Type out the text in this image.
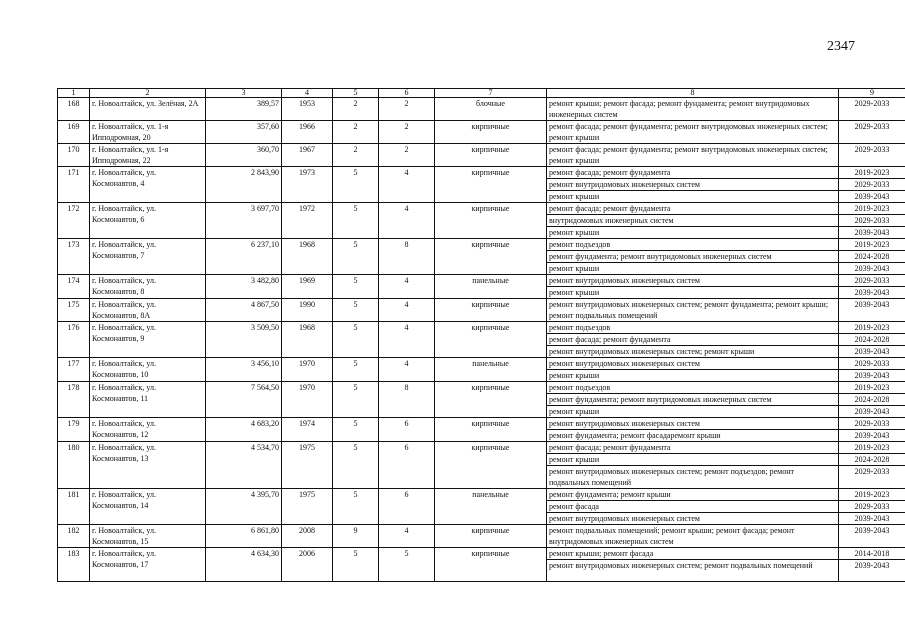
2347
1	2	3	4	5	6	7	8	9
168	г. Новоалтайск, ул. Зелёная, 2А	389,57	1953	2	2	блочные	ремонт крыши; ремонт фасада; ремонт фундамента; ремонт внутридомовых инженерных систем	2029-2033
169	г. Новоалтайск, ул. 1-я Ипподромная, 20	357,60	1966	2	2	кирпичные	ремонт фасада; ремонт фундамента; ремонт внутридомовых инженерных систем; ремонт крыши	2029-2033
170	г. Новоалтайск, ул. 1-я Ипподромная, 22	360,70	1967	2	2	кирпичные	ремонт фасада; ремонт фундамента; ремонт внутридомовых инженерных систем; ремонт крыши	2029-2033
171	г. Новоалтайск, ул. Космонавтов, 4	2 843,90	1973	5	4	кирпичные	ремонт фасада; ремонт фундамента	2019-2023
							ремонт внутридомовых инженерных систем	2029-2033
							ремонт крыши	2039-2043
172	г. Новоалтайск, ул. Космонавтов, 6	3 697,70	1972	5	4	кирпичные	ремонт фасада; ремонт фундамента	2019-2023
							внутридомовых инженерных систем	2029-2033
							ремонт крыши	2039-2043
173	г. Новоалтайск, ул. Космонавтов, 7	6 237,10	1968	5	8	кирпичные	ремонт подъездов	2019-2023
							ремонт фундамента; ремонт внутридомовых инженерных систем	2024-2028
							ремонт крыши	2039-2043
174	г. Новоалтайск, ул. Космонавтов, 8	3 482,80	1969	5	4	панельные	ремонт внутридомовых инженерных систем	2029-2033
							ремонт крыши	2039-2043
175	г. Новоалтайск, ул. Космонавтов, 8А	4 867,50	1990	5	4	кирпичные	ремонт внутридомовых инженерных систем; ремонт фундамента; ремонт крыши; ремонт подвальных помещений	2039-2043
176	г. Новоалтайск, ул. Космонавтов, 9	3 509,50	1968	5	4	кирпичные	ремонт подъездов	2019-2023
							ремонт фасада; ремонт фундамента	2024-2028
							ремонт внутридомовых инженерных систем; ремонт крыши	2039-2043
177	г. Новоалтайск, ул. Космонавтов, 10	3 456,10	1970	5	4	панельные	ремонт внутридомовых инженерных систем	2029-2033
							ремонт крыши	2039-2043
178	г. Новоалтайск, ул. Космонавтов, 11	7 564,50	1970	5	8	кирпичные	ремонт подъездов	2019-2023
							ремонт фундамента; ремонт внутридомовых инженерных систем	2024-2028
							ремонт крыши	2039-2043
179	г. Новоалтайск, ул. Космонавтов, 12	4 683,20	1974	5	6	кирпичные	ремонт внутридомовых инженерных систем	2029-2033
							ремонт фундамента; ремонт фасадаремонт крыши	2039-2043
180	г. Новоалтайск, ул. Космонавтов, 13	4 534,70	1975	5	6	кирпичные	ремонт фасада; ремонт фундамента	2019-2023
							ремонт крыши	2024-2028
							ремонт внутридомовых инженерных систем; ремонт подъездов; ремонт подвальных помещений	2029-2033
181	г. Новоалтайск, ул. Космонавтов, 14	4 395,70	1975	5	6	панельные	ремонт фундамента; ремонт крыши	2019-2023
							ремонт фасада	2029-2033
							ремонт внутридомовых инженерных систем	2039-2043
182	г. Новоалтайск, ул. Космонавтов, 15	6 861,80	2008	9	4	кирпичные	ремонт подвальных помещений; ремонт крыши; ремонт фасада; ремонт внутридомовых инженерных систем	2039-2043
183	г. Новоалтайск, ул. Космонавтов, 17	4 634,30	2006	5	5	кирпичные	ремонт крыши; ремонт фасада	2014-2018
							ремонт внутридомовых инженерных систем; ремонт подвальных помещений	2039-2043
